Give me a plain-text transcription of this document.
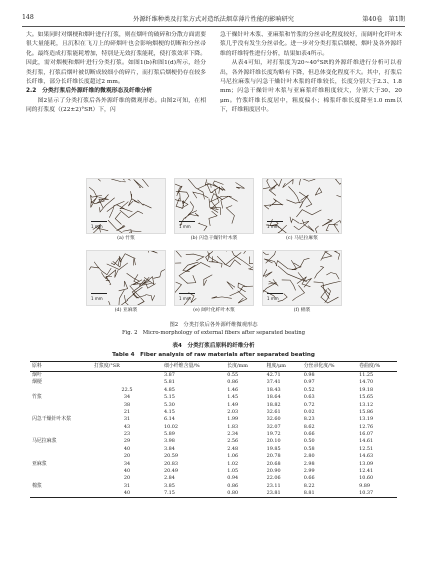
148	外源纤维种类及打浆方式对造纸法烟草薄片性能的影响研究	第40卷　第1期

大。如果同时对烟梗和烟叶进行打浆，则在烟叶的破碎和分散方面需要很大量能耗，且沉积在飞刀上的碎烟叶也会影响烟梗的切断和分丝帚化。最终造成打浆能耗增加，特别是无效打浆能耗，使打浆效率下降。因此，需对烟梗和烟叶进行分类打浆。如图1(b)和图1(d)所示，经分类打浆，打浆后烟叶被切断成较细小的碎片，而打浆后烟梗仍存在较多长纤维，部分长纤维长度超过2 mm。

2.2　分类打浆后外源纤维的微观形态及纤维分析

图2显示了分类打浆后各外源纤维的微观形态。由图2可知，在相同的打浆度（(22±2)°SR）下，闪

急干燥针叶木浆、亚麻浆和竹浆的分丝帚化程度较好，而阔叶化纤叶木浆几乎没有发生分丝帚化。进一步对分类打浆后烟梗、烟叶及各外源纤维的纤维特性进行分析，结果如表4所示。

从表4可知，对打浆度为20~40°SR的外源纤维进行分析可以看出，各外源纤维长度均略有下降，但总体变化程度不大。其中，打浆后马尼拉麻浆与闪急干燥针叶木浆的纤维较长，长度分别大于2.3、1.8 mm；闪急干燥针叶木浆与亚麻浆纤维粗度较大，分别大于30、20 μm。竹浆纤维长度居中，粗度偏小；棉浆纤维长度降至1.0 mm以下，纤维粗度居中。

1 mm
(a) 竹浆
1 mm
(b) 闪急干燥针叶木浆
1 mm
(c) 马尼拉麻浆
1 mm
(d) 亚麻浆
1 mm
(e) 阔叶化纤叶木浆
1 mm
(f) 棉浆
图2　分类打浆后各外源纤维微观形态
Fig. 2　Micro-morphology of external fibers after separated beating
表4　分类打浆后原料的纤维分析
Table 4　Fiber analysis of raw materials after separated beating
原料	打浆度/°SR	细小纤维含量/%	长度/mm	粗度/μm	分丝帚化度/%	卷曲度/%
烟叶		3.87	0.55	42.71	0.98	11.25
烟梗		5.81	0.86	37.41	0.97	14.70
	22.5	4.85	1.46	18.43	0.52	19.18
竹浆	34	5.15	1.45	18.64	0.63	15.65
	38	5.30	1.49	18.82	0.72	13.12
	21	4.15	2.03	32.61	0.02	15.86
闪急干燥针叶木浆	31	6.14	1.99	32.60	8.23	13.19
	43	10.02	1.83	32.07	8.62	12.76
	23	5.89	2.34	19.72	0.66	16.07
马尼拉麻浆	29	3.98	2.56	20.10	0.50	14.61
	40	3.84	2.48	19.85	0.58	12.51
	20	20.59	1.06	20.78	2.80	14.63
亚麻浆	34	20.83	1.02	20.68	2.98	13.09
	40	20.49	1.05	20.90	2.99	12.41
	20	2.84	0.94	22.06	0.66	10.60
棉浆	31	3.85	0.86	23.11	8.22	9.89
	40	7.15	0.80	23.81	8.81	10.37
